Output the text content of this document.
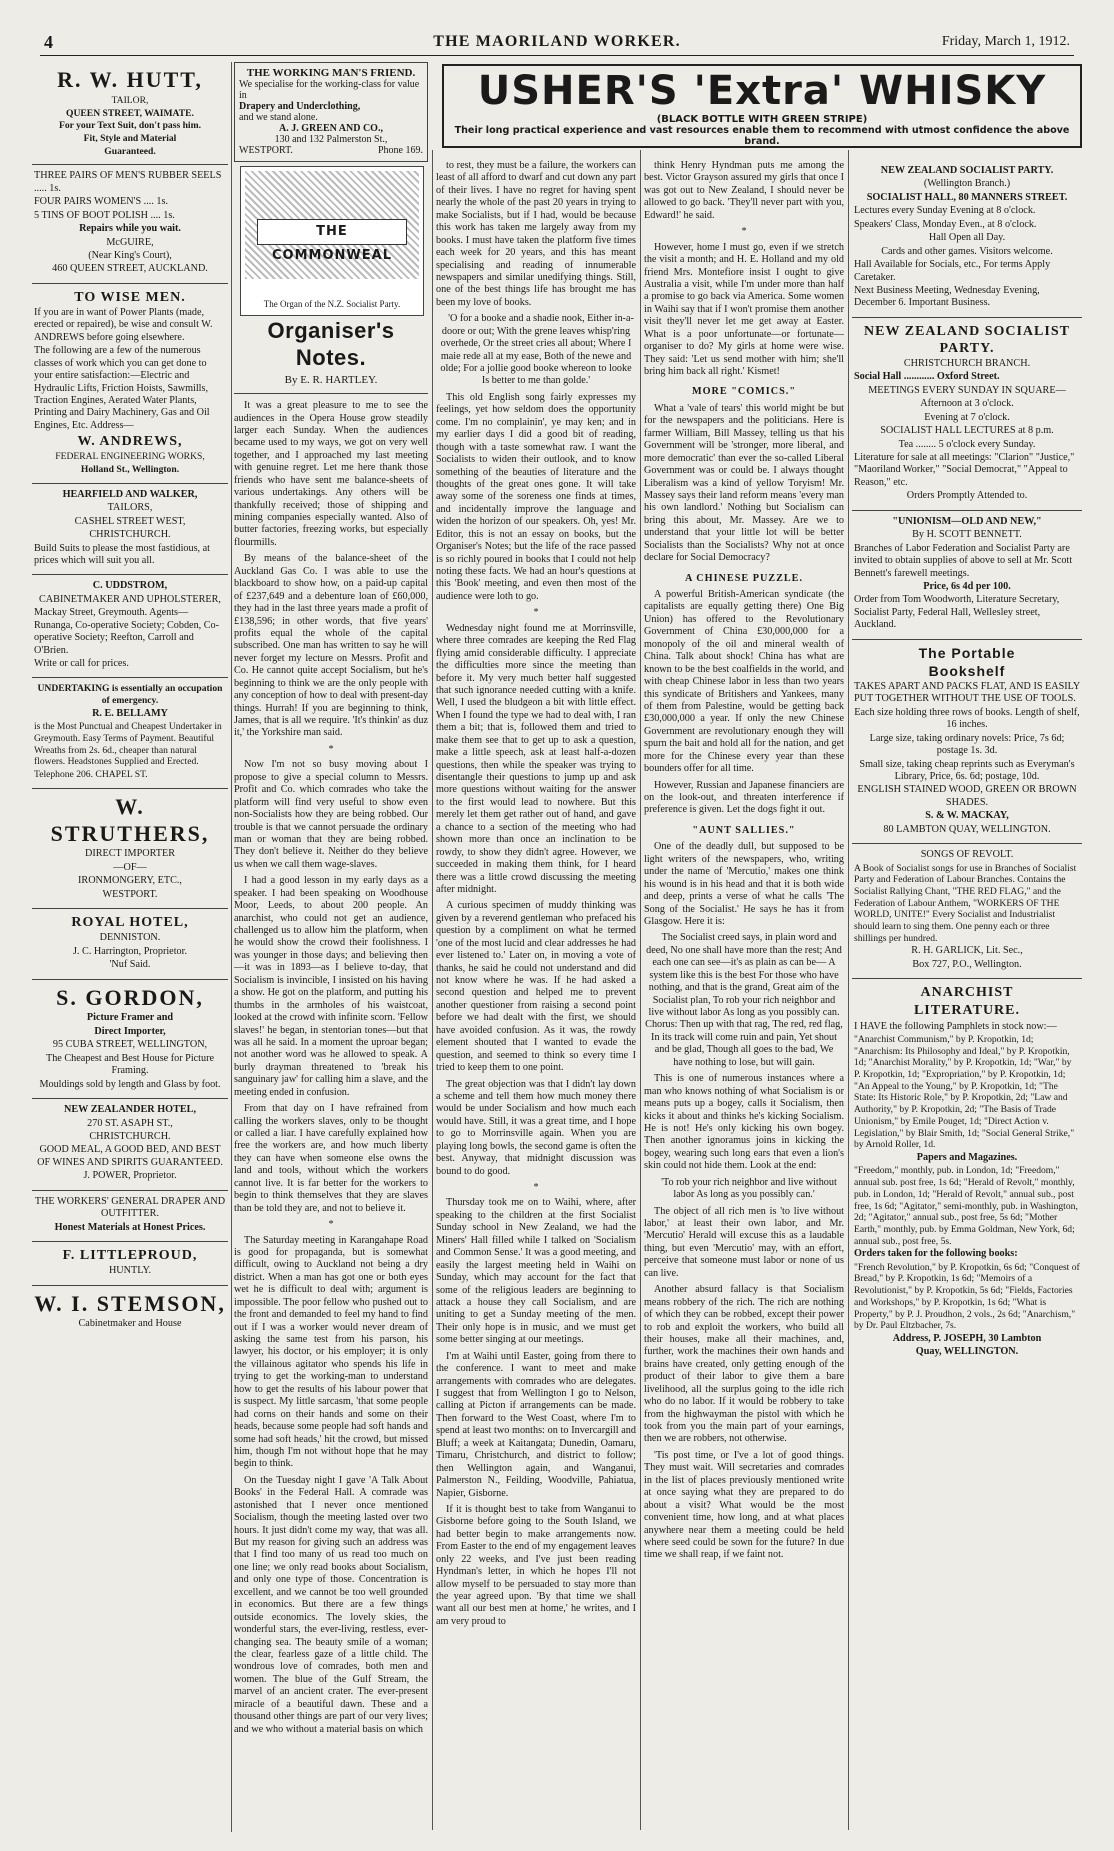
4	THE MAORILAND WORKER.	Friday, March 1, 1912.

R. W. HUTT,

TAILOR,

QUEEN STREET, WAIMATE.

For your Text Suit, don't pass him.

Fit, Style and Material

Guaranteed.

THREE PAIRS OF MEN'S RUBBER SEELS ..... 1s.

FOUR PAIRS WOMEN'S .... 1s.

5 TINS OF BOOT POLISH .... 1s.

Repairs while you wait.

McGUIRE,

(Near King's Court),

460 QUEEN STREET, AUCKLAND.

TO WISE MEN.

If you are in want of Power Plants (made, erected or repaired), be wise and consult W. ANDREWS before going elsewhere.

The following are a few of the numerous classes of work which you can get done to your entire satisfaction:—Electric and Hydraulic Lifts, Friction Hoists, Sawmills, Traction Engines, Aerated Water Plants, Printing and Dairy Machinery, Gas and Oil Engines, Etc. Address—

W. ANDREWS,

FEDERAL ENGINEERING WORKS,

Holland St., Wellington.

HEARFIELD AND WALKER,

TAILORS,

CASHEL STREET WEST,

CHRISTCHURCH.

Build Suits to please the most fastidious, at prices which will suit you all.

C. UDDSTROM,

CABINETMAKER AND UPHOLSTERER,

Mackay Street, Greymouth. Agents—Runanga, Co-operative Society; Cobden, Co-operative Society; Reefton, Carroll and O'Brien.

Write or call for prices.

UNDERTAKING is essentially an occupation of emergency.

R. E. BELLAMY

is the Most Punctual and Cheapest Undertaker in Greymouth. Easy Terms of Payment. Beautiful Wreaths from 2s. 6d., cheaper than natural flowers. Headstones Supplied and Erected.

Telephone 206. CHAPEL ST.

W. STRUTHERS,

DIRECT IMPORTER

—OF—

IRONMONGERY, ETC.,

WESTPORT.

ROYAL HOTEL,

DENNISTON.

J. C. Harrington, Proprietor.

'Nuf Said.

S. GORDON,

Picture Framer and

Direct Importer,

95 CUBA STREET, WELLINGTON,

The Cheapest and Best House for Picture Framing.

Mouldings sold by length and Glass by foot.

NEW ZEALANDER HOTEL,

270 ST. ASAPH ST.,

CHRISTCHURCH.

GOOD MEAL, A GOOD BED, AND BEST OF WINES AND SPIRITS GUARANTEED.

J. POWER, Proprietor.

THE WORKERS' GENERAL DRAPER AND OUTFITTER.

Honest Materials at Honest Prices.

F. LITTLEPROUD,

HUNTLY.

W. I. STEMSON,

Cabinetmaker and House

THE WORKING MAN'S FRIEND.

We specialise for the working-class for value in

Drapery and Underclothing,

and we stand alone.

A. J. GREEN AND CO.,

130 and 132 Palmerston St.,

WESTPORT.	Phone 169.

THE COMMONWEAL
The Organ of the N.Z. Socialist Party.
USHER'S 'Extra' WHISKY
(BLACK BOTTLE WITH GREEN STRIPE)
Their long practical experience and vast resources enable them to recommend with utmost confidence the above brand.
Organiser's Notes.
By E. R. HARTLEY.

It was a great pleasure to me to see the audiences in the Opera House grow steadily larger each Sunday. When the audiences became used to my ways, we got on very well together, and I approached my last meeting with genuine regret. Let me here thank those friends who have sent me balance-sheets of various undertakings. Any others will be thankfully received; those of shipping and mining companies especially wanted. Also of butter factories, freezing works, but especially flourmills.

By means of the balance-sheet of the Auckland Gas Co. I was able to use the blackboard to show how, on a paid-up capital of £237,649 and a debenture loan of £60,000, they had in the last three years made a profit of £138,596; in other words, that five years' profits equal the whole of the capital subscribed. One man has written to say he will never forget my lecture on Messrs. Profit and Co. He cannot quite accept Socialism, but he's beginning to think we are the only people with any conception of how to deal with present-day things. Hurrah! If you are beginning to think, James, that is all we require. 'It's thinkin' as duz it,' the Yorkshire man said.

*

Now I'm not so busy moving about I propose to give a special column to Messrs. Profit and Co. which comrades who take the platform will find very useful to show even non-Socialists how they are being robbed. Our trouble is that we cannot persuade the ordinary man or woman that they are being robbed. They don't believe it. Neither do they believe us when we call them wage-slaves.

I had a good lesson in my early days as a speaker. I had been speaking on Woodhouse Moor, Leeds, to about 200 people. An anarchist, who could not get an audience, challenged us to allow him the platform, when he would show the crowd their foolishness. I was younger in those days; and believing then—it was in 1893—as I believe to-day, that Socialism is invincible, I insisted on his having a show. He got on the platform, and putting his thumbs in the armholes of his waistcoat, looked at the crowd with infinite scorn. 'Fellow slaves!' he began, in stentorian tones—but that was all he said. In a moment the uproar began; not another word was he allowed to speak. A burly drayman threatened to 'break his sanguinary jaw' for calling him a slave, and the meeting ended in confusion.

From that day on I have refrained from calling the workers slaves, only to be thought or called a liar. I have carefully explained how free the workers are, and how much liberty they can have when someone else owns the land and tools, without which the workers cannot live. It is far better for the workers to begin to think themselves that they are slaves than be told they are, and not to believe it.

*

The Saturday meeting in Karangahape Road is good for propaganda, but is somewhat difficult, owing to Auckland not being a dry district. When a man has got one or both eyes wet he is difficult to deal with; argument is impossible. The poor fellow who pushed out to the front and demanded to feel my hand to find out if I was a worker would never dream of asking the same test from his parson, his lawyer, his doctor, or his employer; it is only the villainous agitator who spends his life in trying to get the working-man to understand how to get the results of his labour power that is suspect. My little sarcasm, 'that some people had corns on their hands and some on their heads, because some people had soft hands and some had soft heads,' hit the crowd, but missed him, though I'm not without hope that he may begin to think.

On the Tuesday night I gave 'A Talk About Books' in the Federal Hall. A comrade was astonished that I never once mentioned Socialism, though the meeting lasted over two hours. It just didn't come my way, that was all. But my reason for giving such an address was that I find too many of us read too much on one line; we only read books about Socialism, and only one type of those. Concentration is excellent, and we cannot be too well grounded in economics. But there are a few things outside economics. The lovely skies, the wonderful stars, the ever-living, restless, ever-changing sea. The beauty smile of a woman; the clear, fearless gaze of a little child. The wondrous love of comrades, both men and women. The blue of the Gulf Stream, the marvel of an ancient crater. The ever-present miracle of a beautiful dawn. These and a thousand other things are part of our very lives; and we who without a material basis on which

to rest, they must be a failure, the workers can least of all afford to dwarf and cut down any part of their lives. I have no regret for having spent nearly the whole of the past 20 years in trying to make Socialists, but if I had, would be because this work has taken me largely away from my books. I must have taken the platform five times each week for 20 years, and this has meant specialising and reading of innumerable newspapers and similar unedifying things. Still, one of the best things life has brought me has been my love of books.

'O for a booke and a shadie nook, Either in-a-doore or out; With the grene leaves whisp'ring overhede, Or the street cries all about; Where I maie rede all at my ease, Both of the newe and olde; For a jollie good booke whereon to looke Is better to me than golde.'

This old English song fairly expresses my feelings, yet how seldom does the opportunity come. I'm no complainin', ye may ken; and in my earlier days I did a good bit of reading, though with a taste somewhat raw. I want the Socialists to widen their outlook, and to know something of the beauties of literature and the thoughts of the great ones gone. It will take away some of the soreness one finds at times, and incidentally improve the language and widen the horizon of our speakers. Oh, yes! Mr. Editor, this is not an essay on books, but the Organiser's Notes; but the life of the race passed is so richly poured in books that I could not help noting these facts. We had an hour's questions at this 'Book' meeting, and even then most of the audience were loth to go.

*

Wednesday night found me at Morrinsville, where three comrades are keeping the Red Flag flying amid considerable difficulty. I appreciate the difficulties more since the meeting than before it. My very much better half suggested that such ignorance needed cutting with a knife. Well, I used the bludgeon a bit with little effect. When I found the type we had to deal with, I ran them a bit; that is, followed them and tried to make them see that to get up to ask a question, make a little speech, ask at least half-a-dozen questions, then while the speaker was trying to disentangle their questions to jump up and ask more questions without waiting for the answer to the first would lead to nowhere. But this merely let them get rather out of hand, and gave a chance to a section of the meeting who had shown more than once an inclination to be rowdy, to show they didn't agree. However, we succeeded in making them think, for I heard there was a little crowd discussing the meeting after midnight.

A curious specimen of muddy thinking was given by a reverend gentleman who prefaced his question by a compliment on what he termed 'one of the most lucid and clear addresses he had ever listened to.' Later on, in moving a vote of thanks, he said he could not understand and did not know where he was. If he had asked a second question and helped me to prevent another questioner from raising a second point before we had dealt with the first, we should have avoided confusion. As it was, the rowdy element shouted that I wanted to evade the question, and seemed to think so every time I tried to keep them to one point.

The great objection was that I didn't lay down a scheme and tell them how much money there would be under Socialism and how much each would have. Still, it was a great time, and I hope to go to Morrinsville again. When you are playing long bowls, the second game is often the best. Anyway, that midnight discussion was bound to do good.

*

Thursday took me on to Waihi, where, after speaking to the children at the first Socialist Sunday school in New Zealand, we had the Miners' Hall filled while I talked on 'Socialism and Common Sense.' It was a good meeting, and easily the largest meeting held in Waihi on Sunday, which may account for the fact that some of the religious leaders are beginning to attack a house they call Socialism, and are uniting to get a Sunday meeting of the men. Their only hope is in music, and we must get some better singing at our meetings.

I'm at Waihi until Easter, going from there to the conference. I want to meet and make arrangements with comrades who are delegates. I suggest that from Wellington I go to Nelson, calling at Picton if arrangements can be made. Then forward to the West Coast, where I'm to spend at least two months: on to Invercargill and Bluff; a week at Kaitangata; Dunedin, Oamaru, Timaru, Christchurch, and district to follow; then Wellington again, and Wanganui, Palmerston N., Feilding, Woodville, Pahiatua, Napier, Gisborne.

If it is thought best to take from Wanganui to Gisborne before going to the South Island, we had better begin to make arrangements now. From Easter to the end of my engagement leaves only 22 weeks, and I've just been reading Hyndman's letter, in which he hopes I'll not allow myself to be persuaded to stay more than the year agreed upon. 'By that time we shall want all our best men at home,' he writes, and I am very proud to

think Henry Hyndman puts me among the best. Victor Grayson assured my girls that once I was got out to New Zealand, I should never be allowed to go back. 'They'll never part with you, Edward!' he said.

*

However, home I must go, even if we stretch the visit a month; and H. E. Holland and my old friend Mrs. Montefiore insist I ought to give Australia a visit, while I'm under more than half a promise to go back via America. Some women in Waihi say that if I won't promise them another visit they'll never let me get away at Easter. What is a poor unfortunate—or fortunate—organiser to do? My girls at home were wise. They said: 'Let us send mother with him; she'll bring him back all right.' Kismet!

MORE "COMICS."

What a 'vale of tears' this world might be but for the newspapers and the politicians. Here is farmer William, Bill Massey, telling us that his Government will be 'stronger, more liberal, and more democratic' than ever the so-called Liberal Government was or could be. I always thought Liberalism was a kind of yellow Toryism! Mr. Massey says their land reform means 'every man his own landlord.' Nothing but Socialism can bring this about, Mr. Massey. Are we to understand that your little lot will be better Socialists than the Socialists? Why not at once declare for Social Democracy?

A CHINESE PUZZLE.

A powerful British-American syndicate (the capitalists are equally getting there) One Big Union) has offered to the Revolutionary Government of China £30,000,000 for a monopoly of the oil and mineral wealth of China. Talk about shock! China has what are known to be the best coalfields in the world, and with cheap Chinese labor in less than two years this syndicate of Britishers and Yankees, many of them from Palestine, would be getting back £30,000,000 a year. If only the new Chinese Government are revolutionary enough they will spurn the bait and hold all for the nation, and get more for the Chinese every year than these bounders offer for all time.

However, Russian and Japanese financiers are on the look-out, and threaten interference if preference is given. Let the dogs fight it out.

"AUNT SALLIES."

One of the deadly dull, but supposed to be light writers of the newspapers, who, writing under the name of 'Mercutio,' makes one think his wound is in his head and that it is both wide and deep, prints a verse of what he calls 'The Song of the Socialist.' He says he has it from Glasgow. Here it is:

The Socialist creed says, in plain word and deed, No one shall have more than the rest; And each one can see—it's as plain as can be— A system like this is the best For those who have nothing, and that is the grand, Great aim of the Socialist plan, To rob your rich neighbor and live without labor As long as you possibly can. Chorus: Then up with that rag, The red, red flag, In its track will come ruin and pain, Yet shout and be glad, Though all goes to the bad, We have nothing to lose, but will gain.

This is one of numerous instances where a man who knows nothing of what Socialism is or means puts up a bogey, calls it Socialism, then kicks it about and thinks he's kicking Socialism. He is not! He's only kicking his own bogey. Then another ignoramus joins in kicking the bogey, wearing such long ears that even a lion's skin could not hide them. Look at the end:

'To rob your rich neighbor and live without labor As long as you possibly can.'

The object of all rich men is 'to live without labor,' at least their own labor, and Mr. 'Mercutio' Herald will excuse this as a laudable thing, but even 'Mercutio' may, with an effort, perceive that someone must labor or none of us can live.

Another absurd fallacy is that Socialism means robbery of the rich. The rich are nothing of which they can be robbed, except their power to rob and exploit the workers, who build all their houses, make all their machines, and, further, work the machines their own hands and brains have created, only getting enough of the product of their labor to give them a bare livelihood, all the surplus going to the idle rich who do no labor. If it would be robbery to take from the highwayman the pistol with which he took from you the main part of your earnings, then we are robbers, not otherwise.

'Tis post time, or I've a lot of good things. They must wait. Will secretaries and comrades in the list of places previously mentioned write at once saying what they are prepared to do about a visit? What would be the most convenient time, how long, and at what places anywhere near them a meeting could be held where seed could be sown for the future? In due time we shall reap, if we faint not.

NEW ZEALAND SOCIALIST PARTY.

(Wellington Branch.)

SOCIALIST HALL, 80 MANNERS STREET.

Lectures every Sunday Evening at 8 o'clock.

Speakers' Class, Monday Even., at 8 o'clock.

Hall Open all Day.

Cards and other games. Visitors welcome.

Hall Available for Socials, etc., For terms Apply Caretaker.

Next Business Meeting, Wednesday Evening, December 6. Important Business.

NEW ZEALAND SOCIALIST PARTY.

CHRISTCHURCH BRANCH.

Social Hall ............ Oxford Street.

MEETINGS EVERY SUNDAY IN SQUARE—

Afternoon at 3 o'clock.

Evening at 7 o'clock.

SOCIALIST HALL LECTURES at 8 p.m.

Tea ........ 5 o'clock every Sunday.

Literature for sale at all meetings: "Clarion" "Justice," "Maoriland Worker," "Social Democrat," "Appeal to Reason," etc.

Orders Promptly Attended to.

"UNIONISM—OLD AND NEW,"

By H. SCOTT BENNETT.

Branches of Labor Federation and Socialist Party are invited to obtain supplies of above to sell at Mr. Scott Bennett's farewell meetings.

Price, 6s 4d per 100.

Order from Tom Woodworth, Literature Secretary, Socialist Party, Federal Hall, Wellesley street, Auckland.

The Portable

Bookshelf

TAKES APART AND PACKS FLAT, AND IS EASILY PUT TOGETHER WITHOUT THE USE OF TOOLS.

Each size holding three rows of books. Length of shelf, 16 inches.

Large size, taking ordinary novels: Price, 7s 6d; postage 1s. 3d.

Small size, taking cheap reprints such as Everyman's Library, Price, 6s. 6d; postage, 10d.

ENGLISH STAINED WOOD, GREEN OR BROWN SHADES.

S. & W. MACKAY,

80 LAMBTON QUAY, WELLINGTON.

SONGS OF REVOLT.

A Book of Socialist songs for use in Branches of Socialist Party and Federation of Labour Branches. Contains the Socialist Rallying Chant, "THE RED FLAG," and the Federation of Labour Anthem, "WORKERS OF THE WORLD, UNITE!" Every Socialist and Industrialist should learn to sing them. One penny each or three shillings per hundred.

R. H. GARLICK, Lit. Sec.,

Box 727, P.O., Wellington.

ANARCHIST

LITERATURE.

I HAVE the following Pamphlets in stock now:—

"Anarchist Communism," by P. Kropotkin, 1d; "Anarchism: Its Philosophy and Ideal," by P. Kropotkin, 1d; "Anarchist Morality," by P. Kropotkin, 1d; "War," by P. Kropotkin, 1d; "Expropriation," by P. Kropotkin, 1d; "An Appeal to the Young," by P. Kropotkin, 1d; "The State: Its Historic Role," by P. Kropotkin, 2d; "Law and Authority," by P. Kropotkin, 2d; "The Basis of Trade Unionism," by Emile Pouget, 1d; "Direct Action v. Legislation," by Blair Smith, 1d; "Social General Strike," by Arnold Roller, 1d.

Papers and Magazines.

"Freedom," monthly, pub. in London, 1d; "Freedom," annual sub. post free, 1s 6d; "Herald of Revolt," monthly, pub. in London, 1d; "Herald of Revolt," annual sub., post free, 1s 6d; "Agitator," semi-monthly, pub. in Washington, 2d; "Agitator," annual sub., post free, 5s 6d; "Mother Earth," monthly, pub. by Emma Goldman, New York, 6d; annual sub., post free, 5s.

Orders taken for the following books:

"French Revolution," by P. Kropotkin, 6s 6d; "Conquest of Bread," by P. Kropotkin, 1s 6d; "Memoirs of a Revolutionist," by P. Kropotkin, 5s 6d; "Fields, Factories and Workshops," by P. Kropotkin, 1s 6d; "What is Property," by P. J. Proudhon, 2 vols., 2s 6d; "Anarchism," by Dr. Paul Eltzbacher, 7s.

Address, P. JOSEPH, 30 Lambton

Quay, WELLINGTON.
